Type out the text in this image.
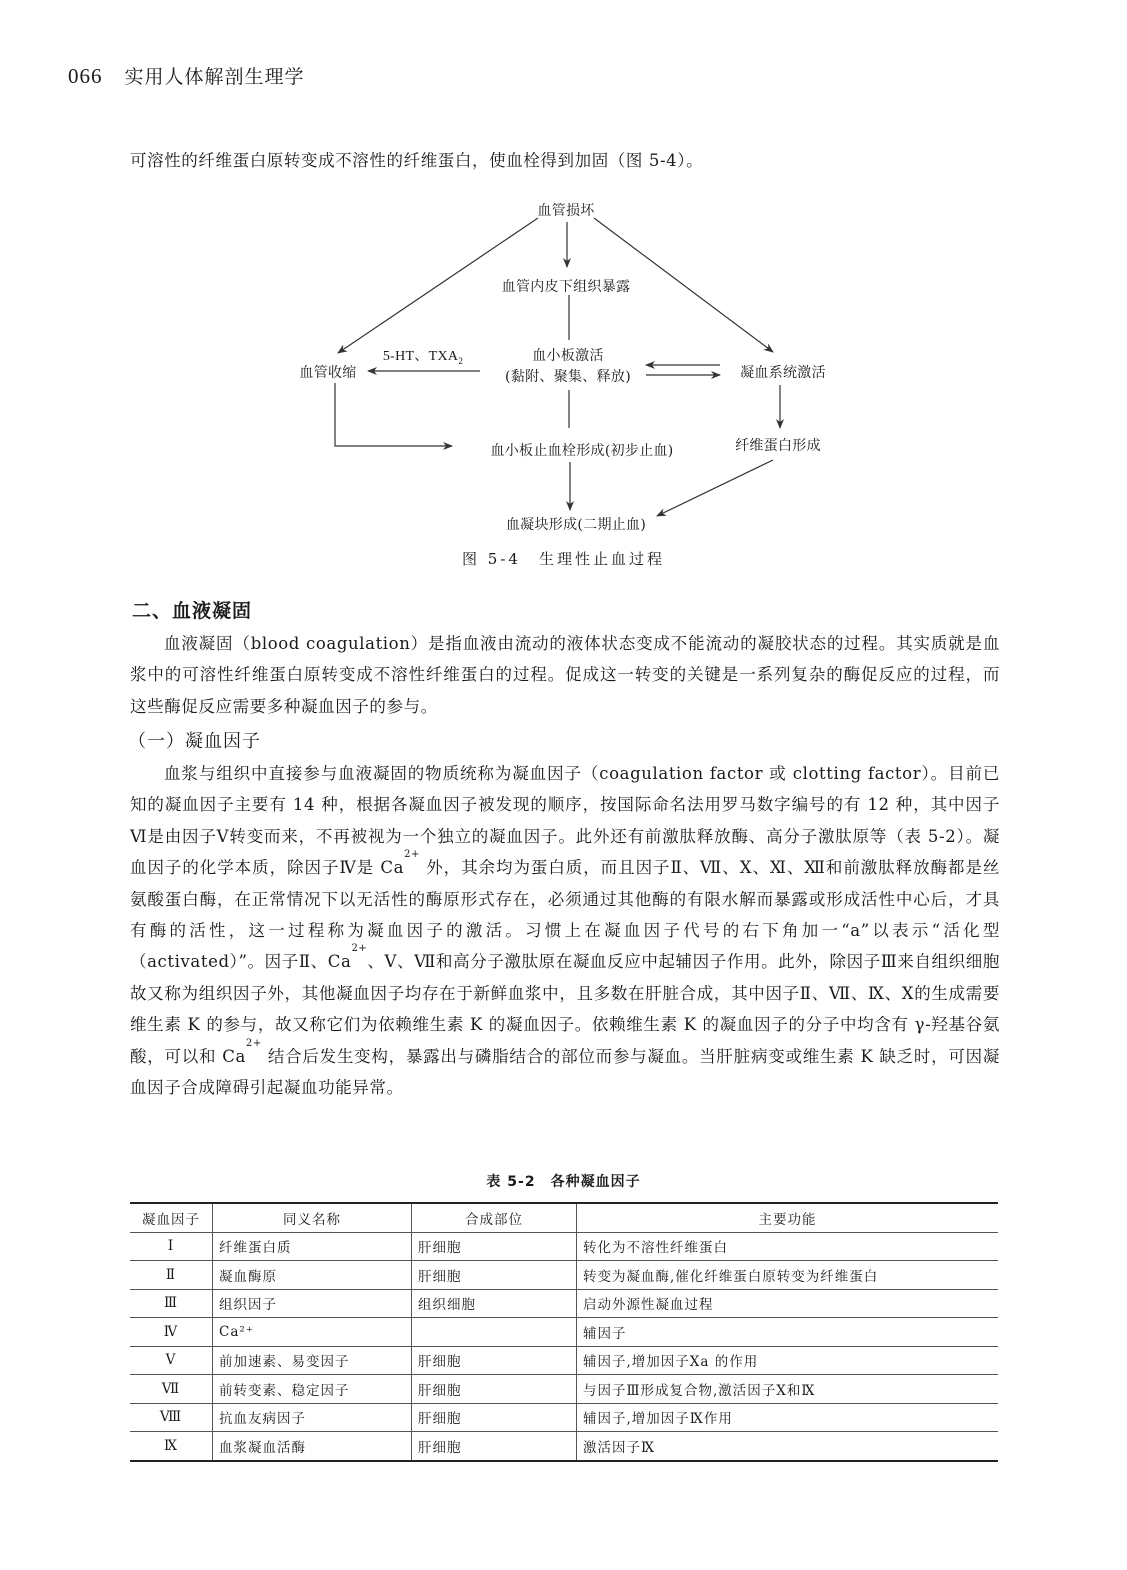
066 实用人体解剖生理学
可溶性的纤维蛋白原转变成不溶性的纤维蛋白，使血栓得到加固（图 5-4）。
血管损坏
血管内皮下组织暴露
血管收缩
5-HT、$TXA_2$	血小板激活
(黏附、聚集、释放)	凝血系统激活
血小板止血栓形成(初步止血)	纤维蛋白形成
血凝块形成(二期止血)
图 5-4　生理性止血过程
二、血液凝固
血液凝固（blood coagulation）是指血液由流动的液体状态变成不能流动的凝胶状态的过程。其实质就是血浆中的可溶性纤维蛋白原转变成不溶性纤维蛋白的过程。促成这一转变的关键是一系列复杂的酶促反应的过程，而这些酶促反应需要多种凝血因子的参与。
（一）凝血因子
血浆与组织中直接参与血液凝固的物质统称为凝血因子（coagulation factor 或 clotting factor）。目前已知的凝血因子主要有 14 种，根据各凝血因子被发现的顺序，按国际命名法用罗马数字编号的有 12 种，其中因子Ⅵ是由因子Ⅴ转变而来，不再被视为一个独立的凝血因子。此外还有前激肽释放酶、高分子激肽原等（表 5-2）。凝血因子的化学本质，除因子Ⅳ是 $Ca^{2+}$ 外，其余均为蛋白质，而且因子Ⅱ、Ⅶ、Ⅹ、Ⅺ、Ⅻ和前激肽释放酶都是丝氨酸蛋白酶，在正常情况下以无活性的酶原形式存在，必须通过其他酶的有限水解而暴露或形成活性中心后，才具有酶的活性，这一过程称为凝血因子的激活。习惯上在凝血因子代号的右下角加一“a”以表示“活化型（activated）”。因子Ⅱ、$Ca^{2+}$、Ⅴ、Ⅶ和高分子激肽原在凝血反应中起辅因子作用。此外，除因子Ⅲ来自组织细胞故又称为组织因子外，其他凝血因子均存在于新鲜血浆中，且多数在肝脏合成，其中因子Ⅱ、Ⅶ、Ⅸ、Ⅹ的生成需要维生素 K 的参与，故又称它们为依赖维生素 K 的凝血因子。依赖维生素 K 的凝血因子的分子中均含有 γ-羟基谷氨酸，可以和 $Ca^{2+}$ 结合后发生变构，暴露出与磷脂结合的部位而参与凝血。当肝脏病变或维生素 K 缺乏时，可因凝血因子合成障碍引起凝血功能异常。
表 5-2　各种凝血因子
凝血因子	同义名称	合成部位	主要功能
Ⅰ	纤维蛋白质	肝细胞	转化为不溶性纤维蛋白
Ⅱ	凝血酶原	肝细胞	转变为凝血酶,催化纤维蛋白原转变为纤维蛋白
Ⅲ	组织因子	组织细胞	启动外源性凝血过程
Ⅳ	Ca²⁺		辅因子
Ⅴ	前加速素、易变因子	肝细胞	辅因子,增加因子Ⅹa 的作用
Ⅶ	前转变素、稳定因子	肝细胞	与因子Ⅲ形成复合物,激活因子Ⅹ和Ⅸ
Ⅷ	抗血友病因子	肝细胞	辅因子,增加因子Ⅸ作用
Ⅸ	血浆凝血活酶	肝细胞	激活因子Ⅸ
